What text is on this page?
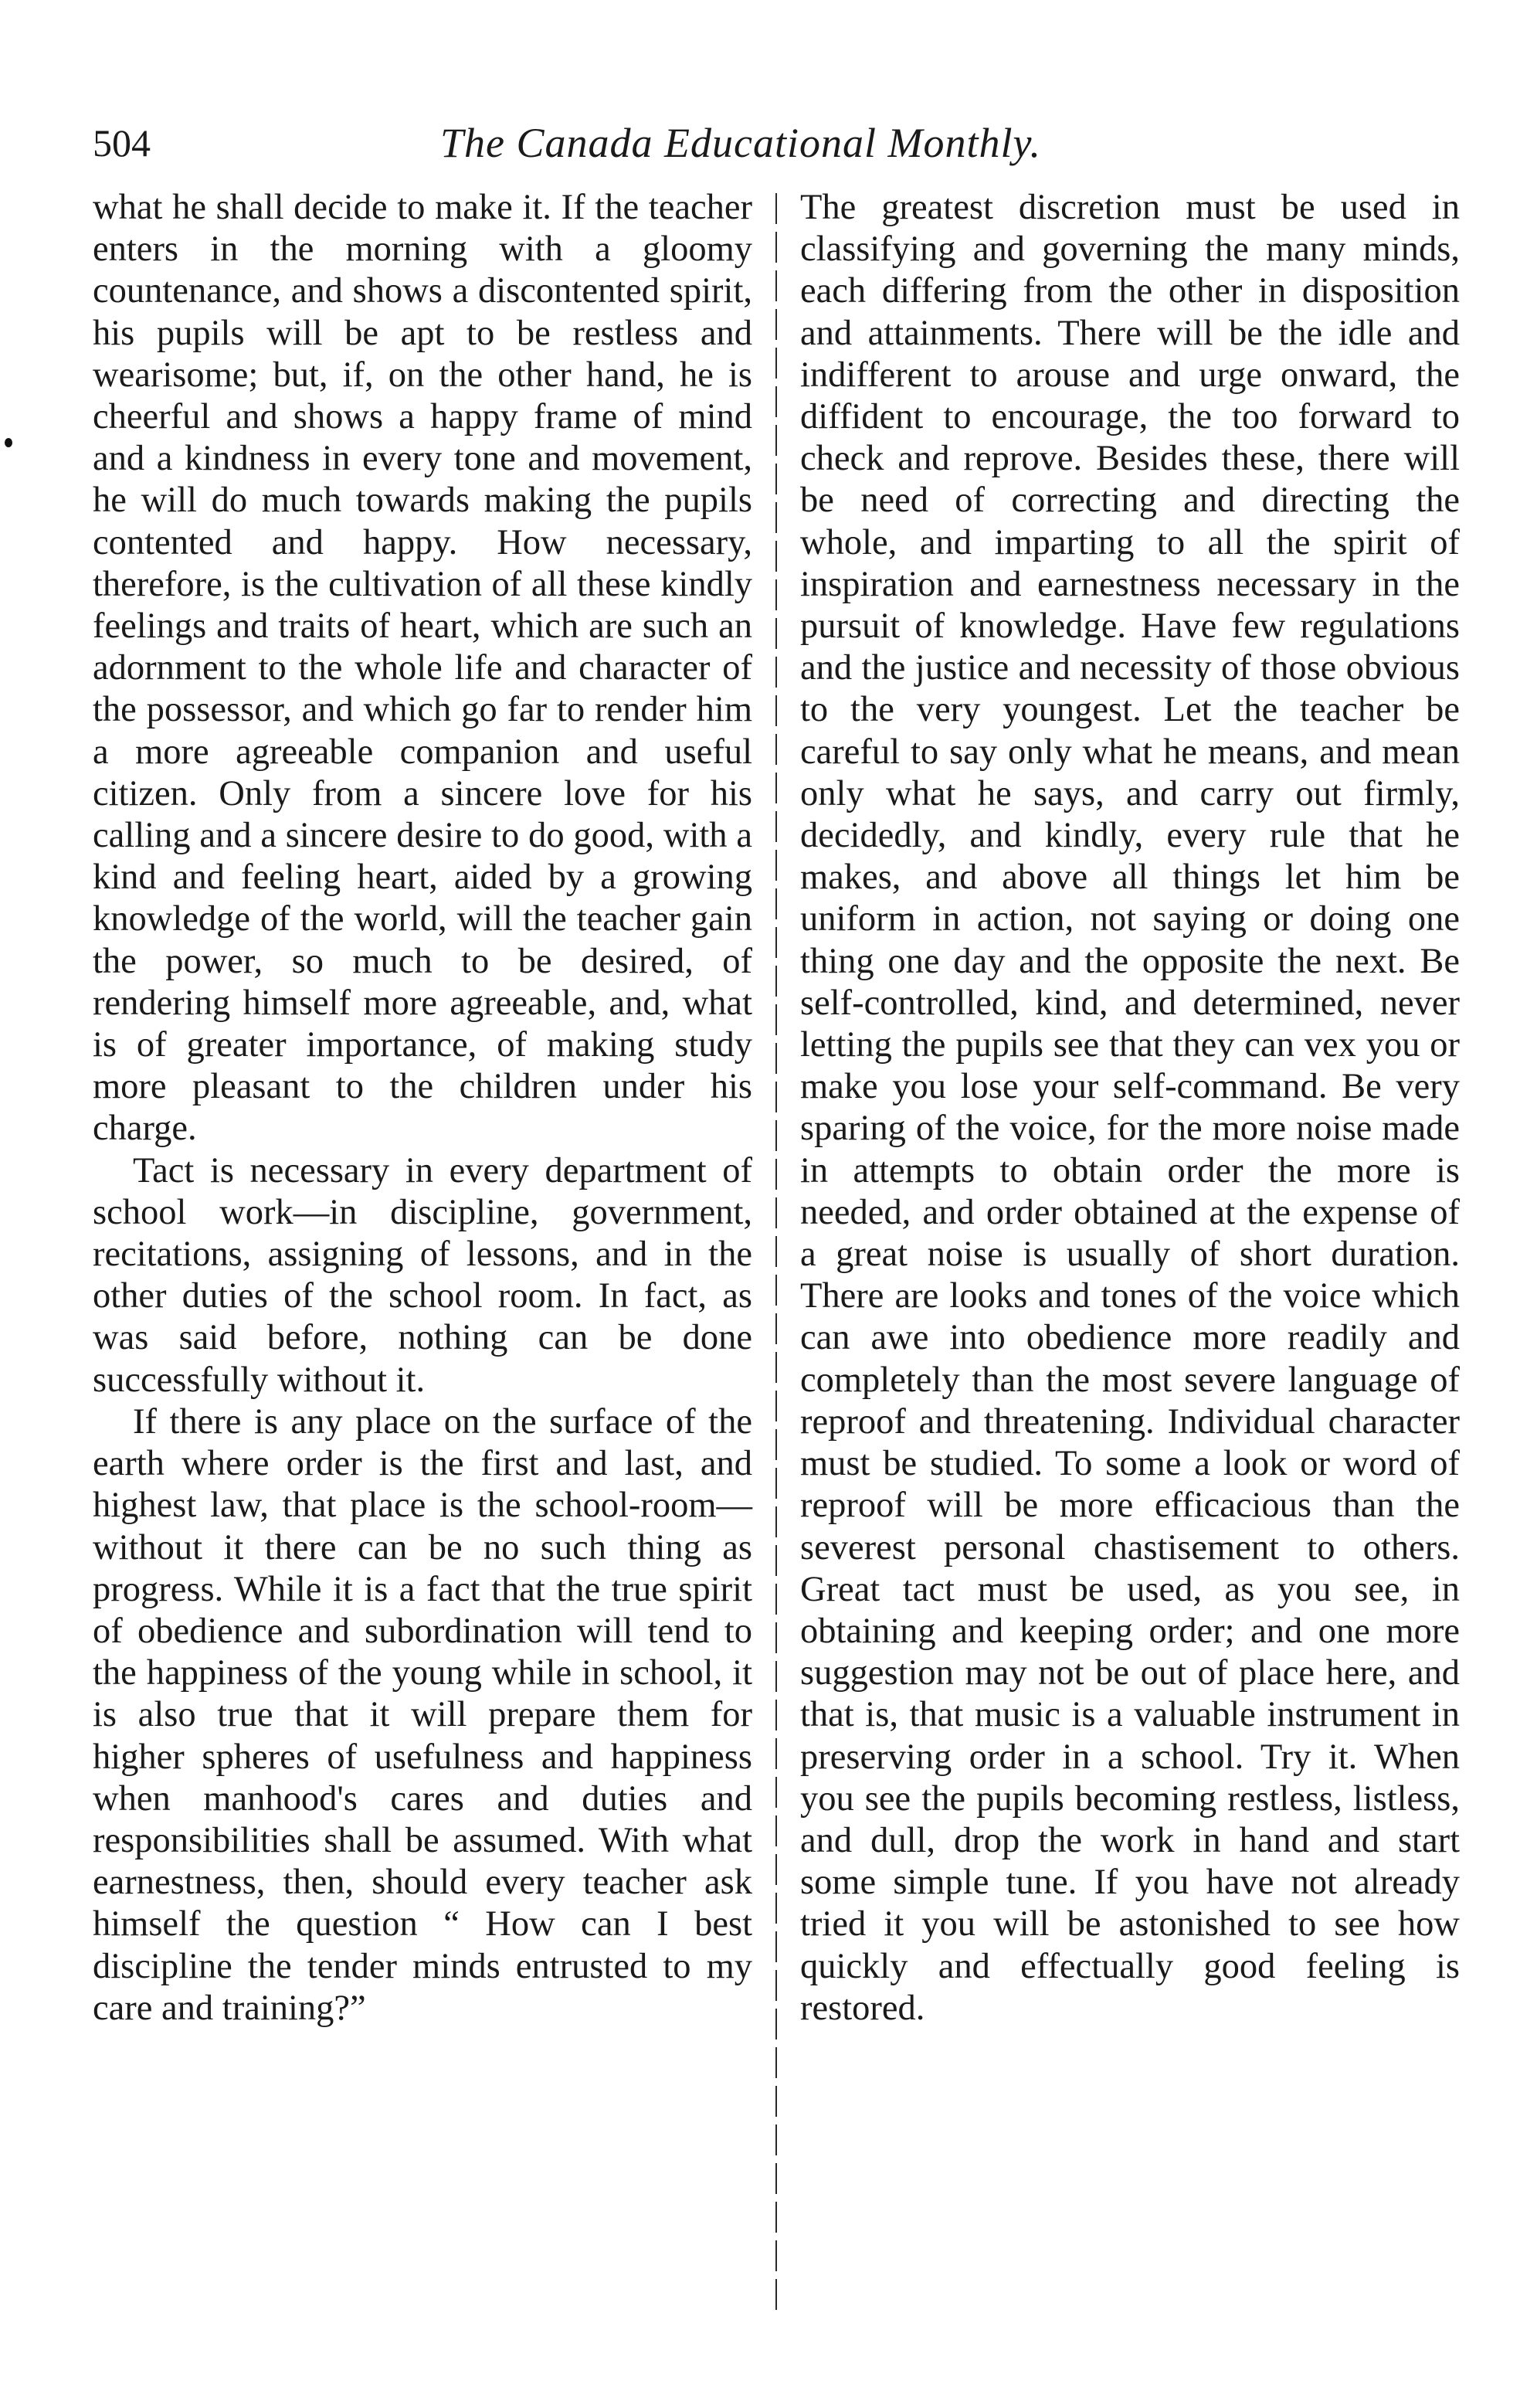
504	The Canada Educational Monthly.

what he shall decide to make it. If the teacher enters in the morning with a gloomy countenance, and shows a discontented spirit, his pupils will be apt to be restless and wearisome; but, if, on the other hand, he is cheerful and shows a happy frame of mind and a kindness in every tone and movement, he will do much towards making the pupils contented and happy. How necessary, therefore, is the cultivation of all these kindly feelings and traits of heart, which are such an adornment to the whole life and character of the possessor, and which go far to render him a more agreeable companion and useful citizen. Only from a sincere love for his calling and a sincere desire to do good, with a kind and feeling heart, aided by a growing knowledge of the world, will the teacher gain the power, so much to be desired, of rendering himself more agreeable, and, what is of greater importance, of making study more pleasant to the children under his charge.

Tact is necessary in every department of school work—in discipline, government, recitations, assigning of lessons, and in the other duties of the school room. In fact, as was said before, nothing can be done successfully without it.

If there is any place on the surface of the earth where order is the first and last, and highest law, that place is the school-room—without it there can be no such thing as progress. While it is a fact that the true spirit of obedience and subordination will tend to the happiness of the young while in school, it is also true that it will prepare them for higher spheres of usefulness and happiness when manhood's cares and duties and responsibilities shall be assumed. With what earnestness, then, should every teacher ask himself the question “ How can I best discipline the tender minds entrusted to my care and training?”

The greatest discretion must be used in classifying and governing the many minds, each differing from the other in disposition and attainments. There will be the idle and indifferent to arouse and urge onward, the diffident to encourage, the too forward to check and reprove. Besides these, there will be need of correcting and directing the whole, and imparting to all the spirit of inspiration and earnestness necessary in the pursuit of knowledge. Have few regulations and the justice and necessity of those obvious to the very youngest. Let the teacher be careful to say only what he means, and mean only what he says, and carry out firmly, decidedly, and kindly, every rule that he makes, and above all things let him be uniform in action, not saying or doing one thing one day and the opposite the next. Be self-controlled, kind, and determined, never letting the pupils see that they can vex you or make you lose your self-command. Be very sparing of the voice, for the more noise made in attempts to obtain order the more is needed, and order obtained at the expense of a great noise is usually of short duration. There are looks and tones of the voice which can awe into obedience more readily and completely than the most severe language of reproof and threatening. Individual character must be studied. To some a look or word of reproof will be more efficacious than the severest personal chastisement to others. Great tact must be used, as you see, in obtaining and keeping order; and one more suggestion may not be out of place here, and that is, that music is a valuable instrument in preserving order in a school. Try it. When you see the pupils becoming restless, listless, and dull, drop the work in hand and start some simple tune. If you have not already tried it you will be astonished to see how quickly and effectually good feeling is restored.
